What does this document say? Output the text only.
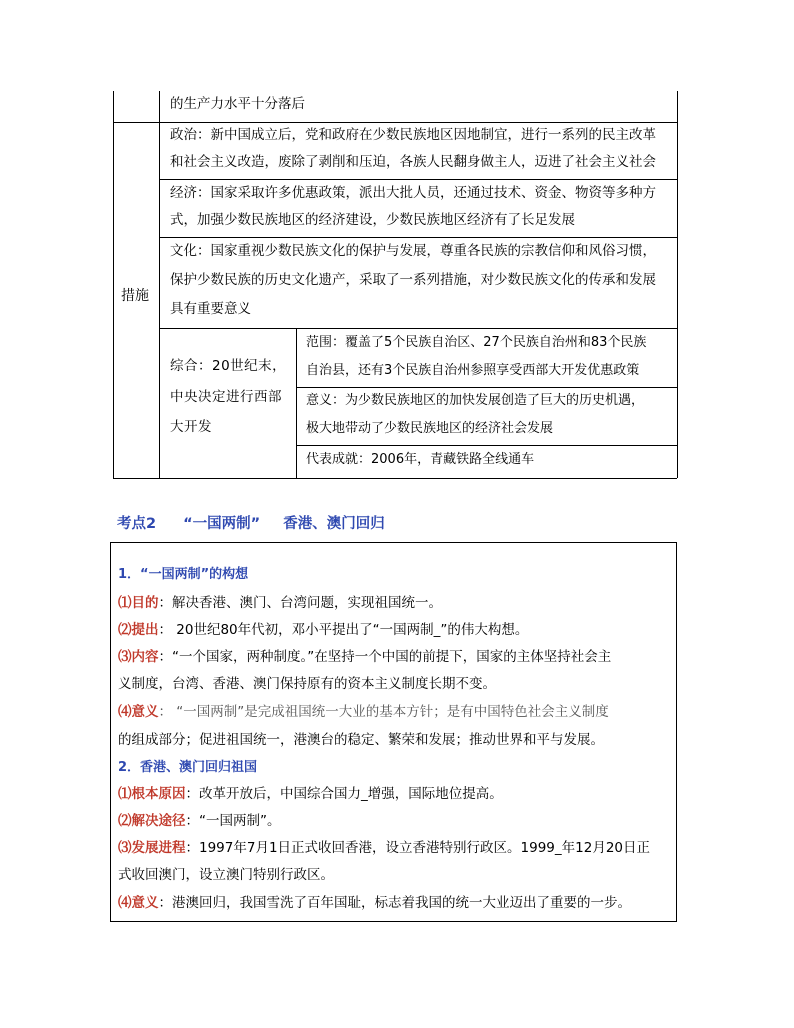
的生产力水平十分落后
措施
政治：新中国成立后，党和政府在少数民族地区因地制宜，进行一系列的民主改革
和社会主义改造，废除了剥削和压迫，各族人民翻身做主人，迈进了社会主义社会
经济：国家采取许多优惠政策，派出大批人员，还通过技术、资金、物资等多种方
式，加强少数民族地区的经济建设，少数民族地区经济有了长足发展
文化：国家重视少数民族文化的保护与发展，尊重各民族的宗教信仰和风俗习惯，
保护少数民族的历史文化遗产，采取了一系列措施，对少数民族文化的传承和发展
具有重要意义
综合：20世纪末，
中央决定进行西部
大开发
范围：覆盖了5个民族自治区、27个民族自治州和83个民族
自治县，还有3个民族自治州参照享受西部大开发优惠政策
意义：为少数民族地区的加快发展创造了巨大的历史机遇，
极大地带动了少数民族地区的经济社会发展
代表成就：2006年，青藏铁路全线通车
考点2 “一国两制” 香港、澳门回归
1．“一国两制”的构想
⑴目的：解决香港、澳门、台湾问题，实现祖国统一。
⑵提出： 20世纪80年代初，邓小平提出了“一国两制_”的伟大构想。
⑶内容：“一个国家，两种制度。”在坚持一个中国的前提下，国家的主体坚持社会主
义制度，台湾、香港、澳门保持原有的资本主义制度长期不变。
⑷意义： “一国两制”是完成祖国统一大业的基本方针；是有中国特色社会主义制度
的组成部分；促进祖国统一，港澳台的稳定、繁荣和发展；推动世界和平与发展。
2．香港、澳门回归祖国
⑴根本原因：改革开放后，中国综合国力_增强，国际地位提高。
⑵解决途径：“一国两制”。
⑶发展进程：1997年7月1日正式收回香港，设立香港特别行政区。1999_年12月20日正
式收回澳门，设立澳门特别行政区。
⑷意义：港澳回归，我国雪洗了百年国耻，标志着我国的统一大业迈出了重要的一步。
